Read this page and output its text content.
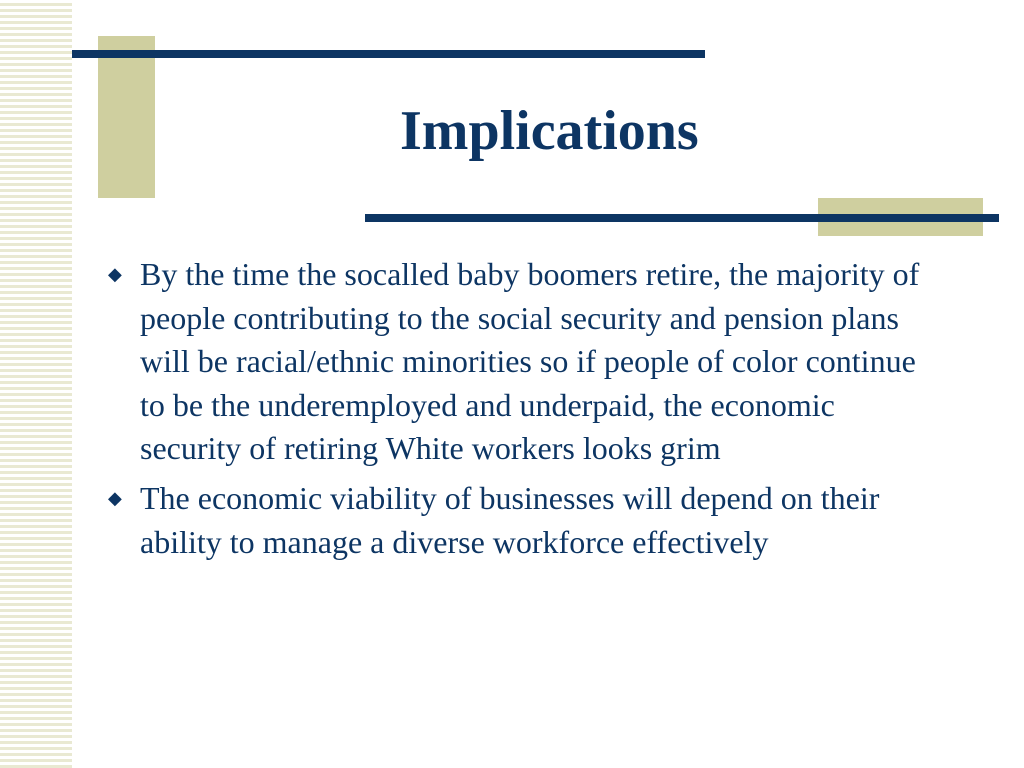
Implications
◆ By the time the socalled baby boomers retire, the majority of people contributing to the social security and pension plans will be racial/ethnic minorities so if people of color continue to be the underemployed and underpaid, the economic security of retiring White workers looks grim
◆ The economic viability of businesses will depend on their ability to manage a diverse workforce effectively
